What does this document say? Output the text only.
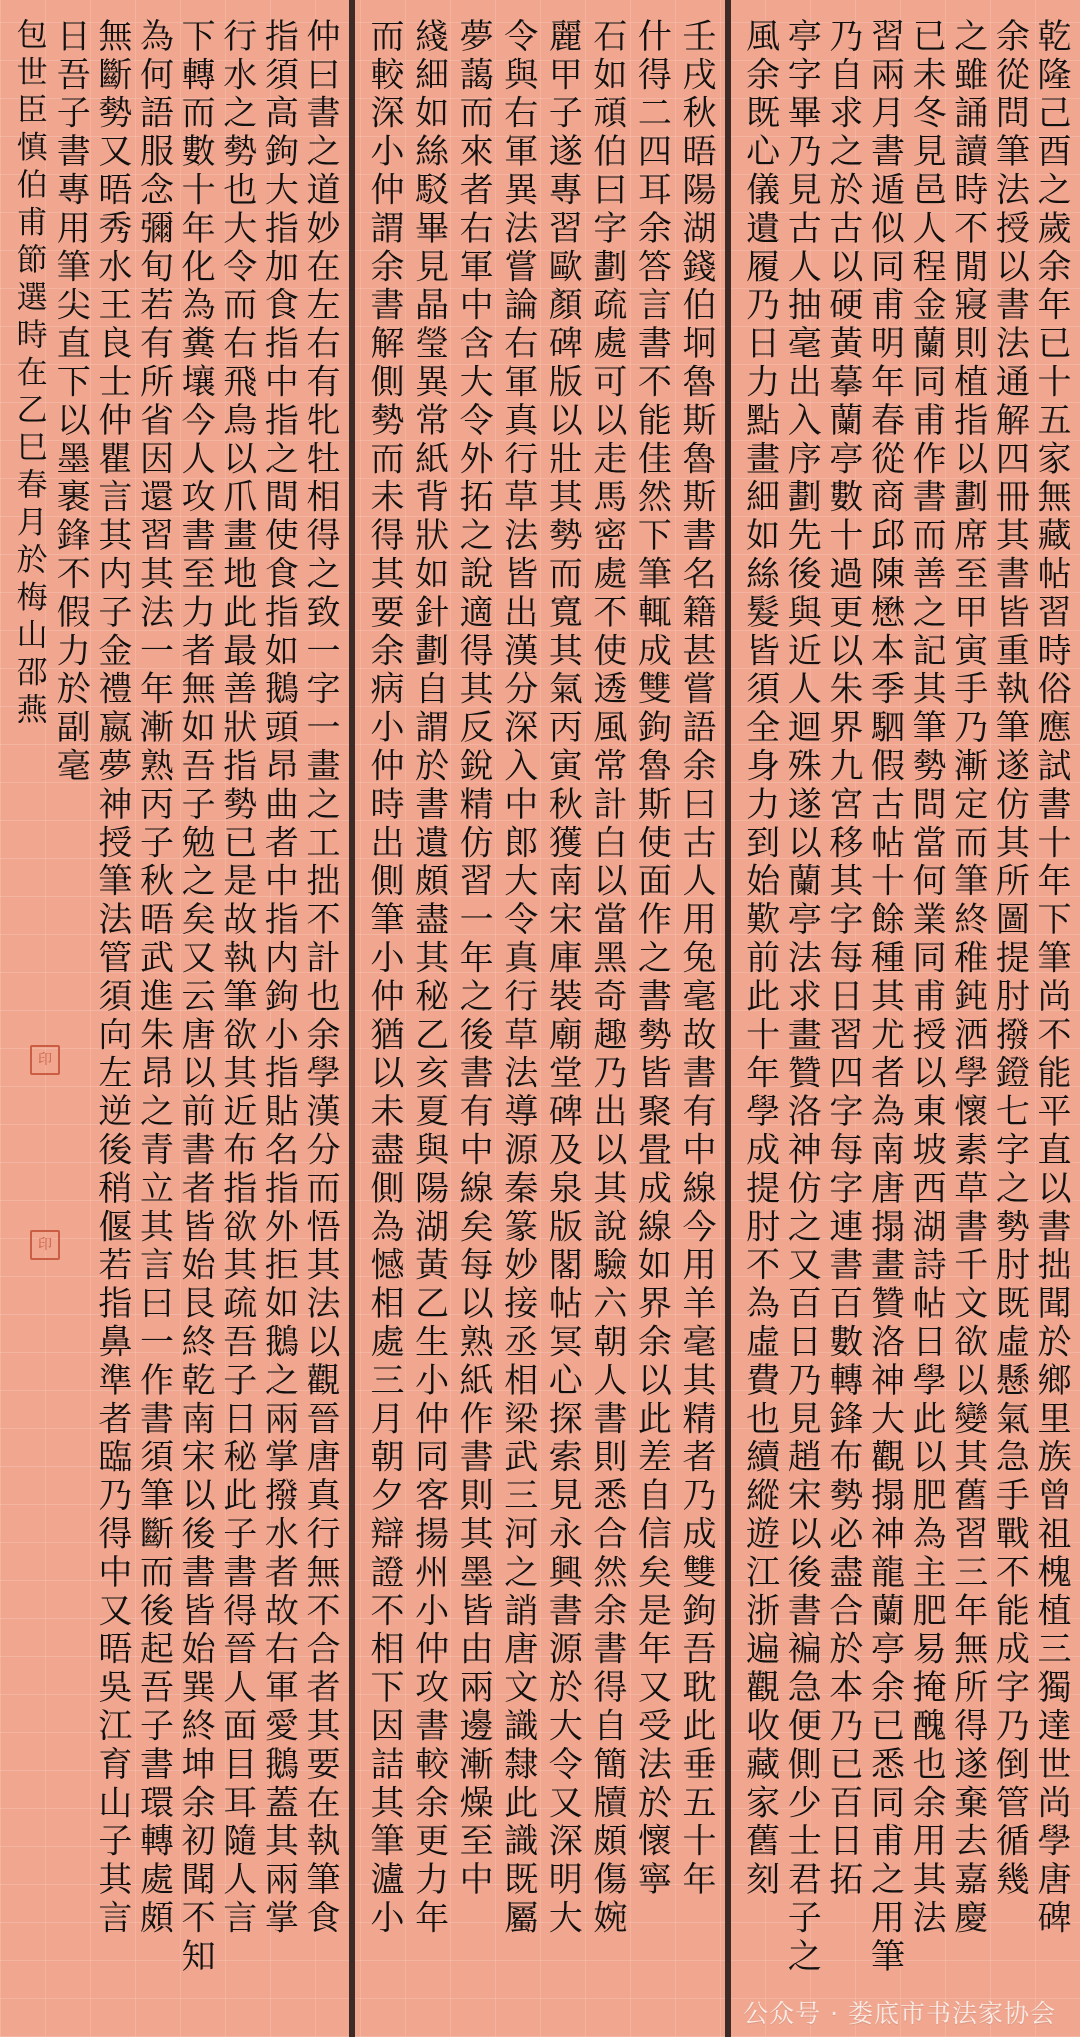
仲曰書之道妙在左右有牝牡相得之致一字一畫之工拙不計也余學漢分而悟其法以觀晉唐真行無不合者其要在執筆食
指須高鉤大指加食指中指之間使食指如鵝頭昂曲者中指内鉤小指貼名指外拒如鵝之兩掌撥水者故右軍愛鵝蓋其兩掌
行水之勢也大令而右飛鳥以爪畫地此最善狀指勢已是故執筆欲其近布指欲其疏吾子日秘此子書得晉人面目耳隨人言
下轉而數十年化為糞壤今人攻書至力者無如吾子勉之矣又云唐以前書者皆始艮終乾南宋以後書皆始巽終坤余初聞不知
為何語服念彌旬若有所省因還習其法一年漸熟丙子秋晤武進朱昂之青立其言曰一作書須筆斷而後起吾子書環轉處頗
無斷勢又晤秀水王良士仲瞿言其内子金禮嬴夢神授筆法管須向左逆後稍偃若指鼻準者臨乃得中又晤吳江育山子其言
日吾子書專用筆尖直下以墨裹鋒不假力於副毫
包世臣慎伯甫節選時在乙巳春月於梅山邵燕
印
印	壬戌秋晤陽湖錢伯坰魯斯魯斯書名籍甚嘗語余曰古人用兔毫故書有中線今用羊毫其精者乃成雙鉤吾耽此垂五十年
什得二四耳余答言書不能佳然下筆輒成雙鉤魯斯使面作之書勢皆聚畳成線如界余以此差自信矣是年又受法於懷寧
石如頑伯曰字劃疏處可以走馬密處不使透風常計白以當黑奇趣乃出以其說驗六朝人書則悉合然余書得自簡牘頗傷婉
麗甲子遂專習歐顏碑版以壯其勢而寬其氣丙寅秋獲南宋庫裝廟堂碑及泉版閣帖冥心探索見永興書源於大令又深明大
令與右軍異法嘗論右軍真行草法皆出漢分深入中郎大令真行草法導源秦篆妙接丞相梁武三河之誚唐文識隸此識既屬
夢藹而來者右軍中含大令外拓之說適得其反銳精仿習一年之後書有中線矣每以熟紙作書則其墨皆由兩邊漸燥至中
綫細如絲駁畢見晶瑩異常紙背狀如針劃自謂於書遺頗盡其秘乙亥夏與陽湖黃乙生小仲同客揚州小仲攻書較余更力年
而較深小仲謂余書解側勢而未得其要余病小仲時出側筆小仲猶以未盡側為憾相處三月朝夕辯證不相下因詰其筆瀘小	乾隆己酉之歲余年已十五家無藏帖習時俗應試書十年下筆尚不能平直以書拙聞於鄉里族曾祖槐植三獨達世尚學唐碑
余從問筆法授以書法通解四冊其書皆重執筆遂仿其所圖提肘撥鐙七字之勢肘既虛懸氣急手戰不能成字乃倒管循幾
之雖誦讀時不閒寢則植指以劃席至甲寅手乃漸定而筆終稚鈍洒學懷素草書千文欲以變其舊習三年無所得遂棄去嘉慶
已未冬見邑人程金蘭同甫作書而善之記其筆勢問當何業同甫授以東坡西湖詩帖日學此以肥為主肥易掩醜也余用其法
習兩月書遁似同甫明年春從商邱陳懋本季駟假古帖十餘種其尤者為南唐搨畫贊洛神大觀搨神龍蘭亭余已悉同甫之用筆
乃自求之於古以硬黃摹蘭亭數十過更以朱界九宮移其字每日習四字每字連書百數轉鋒布勢必盡合於本乃已百日拓
亭字畢乃見古人抽毫出入序劃先後與近人迴殊遂以蘭亭法求畫贊洛神仿之又百日乃見趙宋以後書褊急便側少士君子之
風余既心儀遺履乃日力點畫細如絲髮皆須全身力到始歎前此十年學成提肘不為虛費也續縱遊江浙遍觀收藏家舊刻
公众号 · 娄底市书法家协会
